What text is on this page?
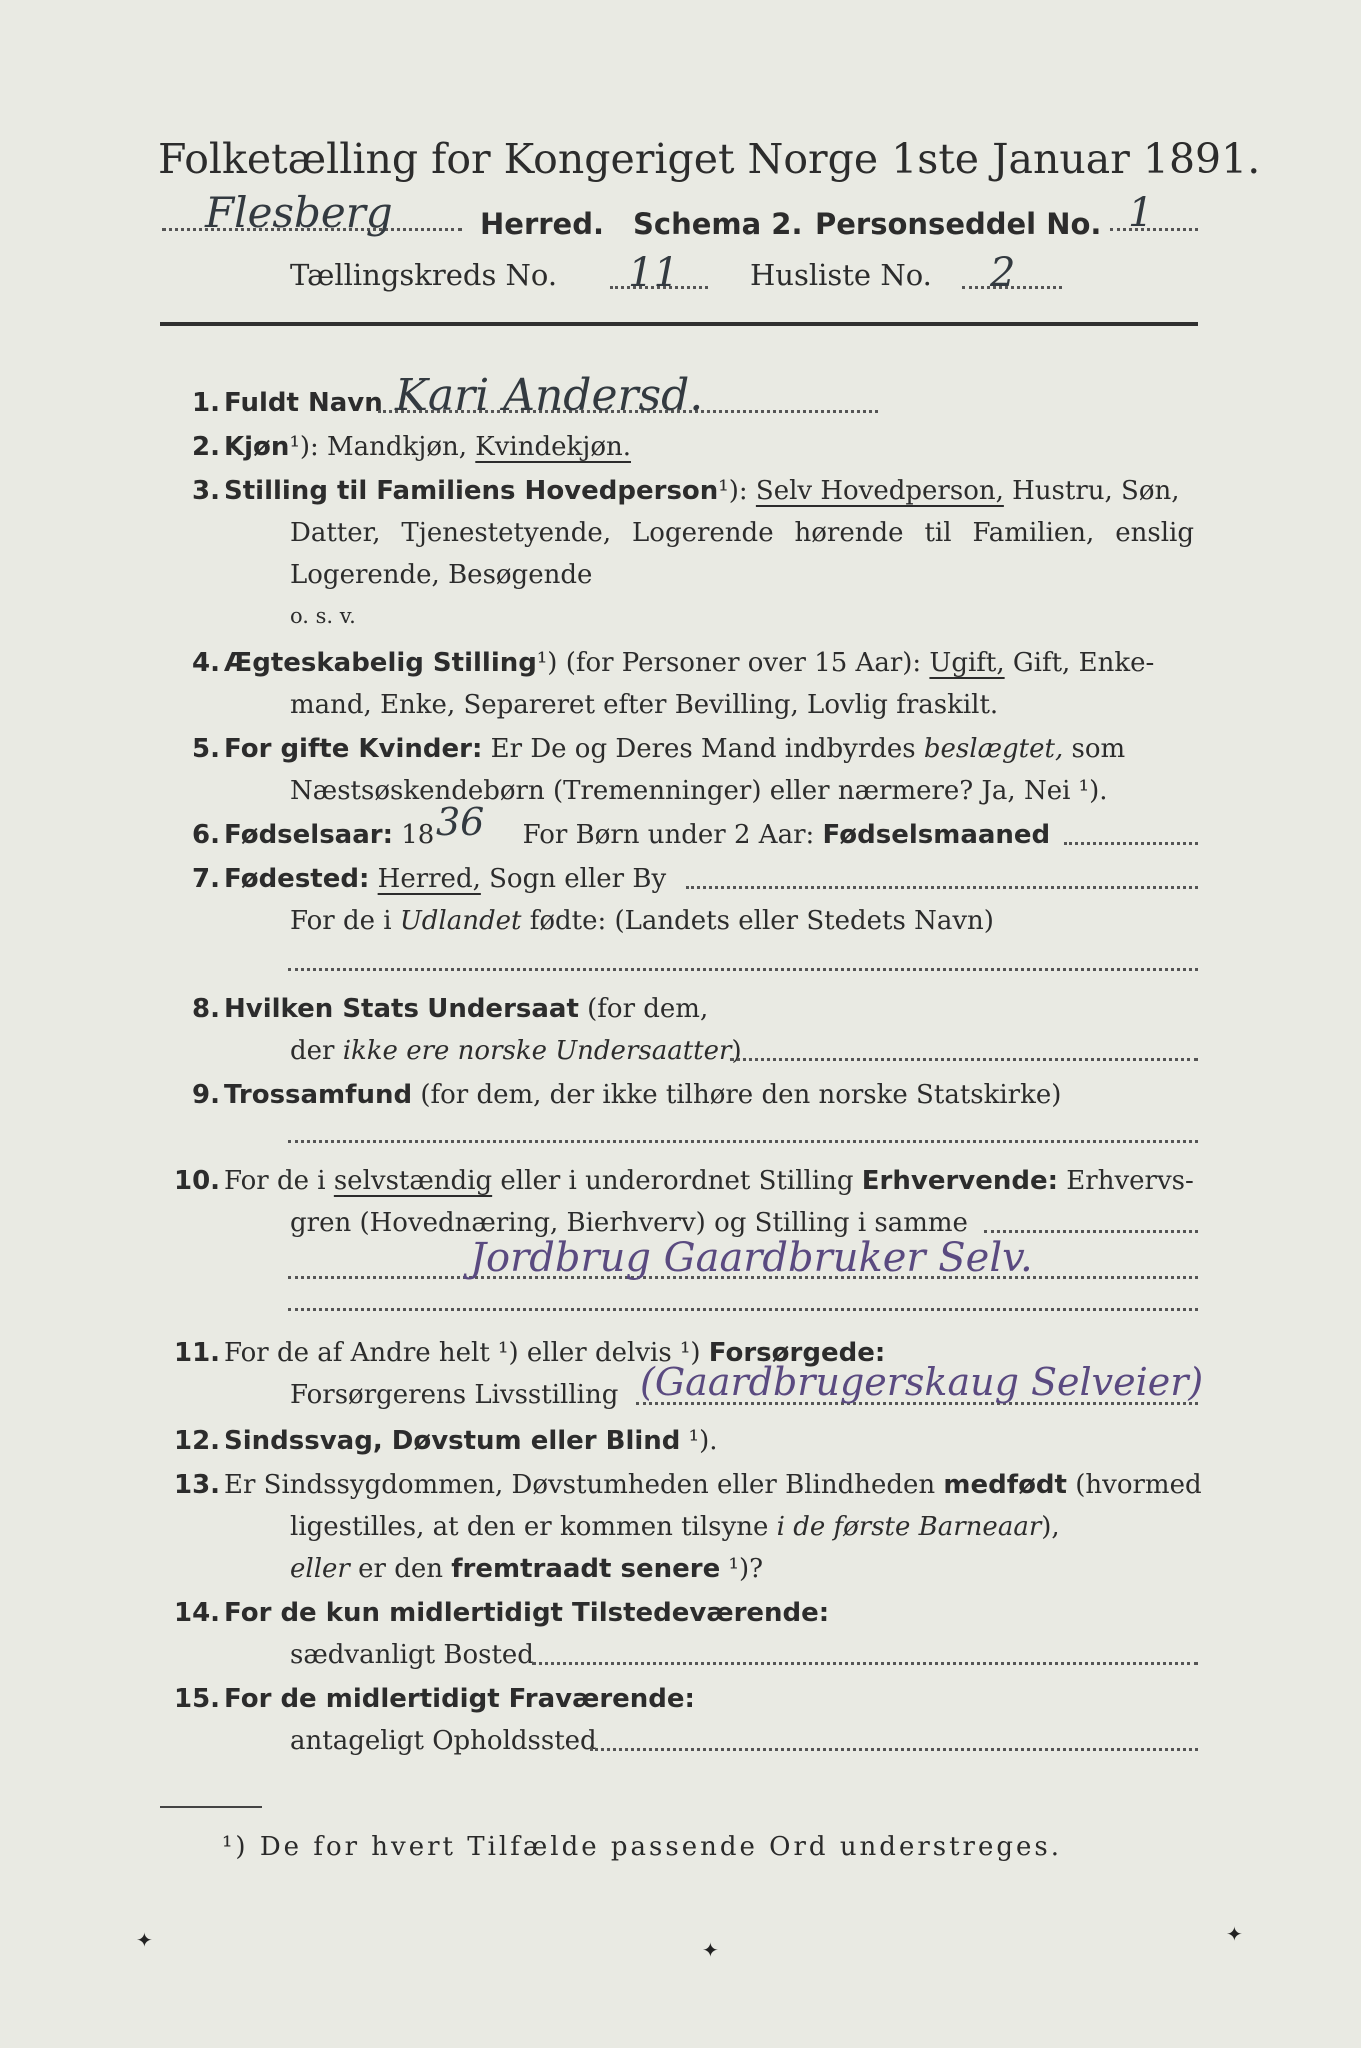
Folketælling for Kongeriget Norge 1ste Januar 1891.
Flesberg	Herred. Schema 2. Personseddel No. 1
Tællingskreds No. 11 Husliste No. 2
1. Fuldt Navn Kari Andersd.
2. Kjøn¹): Mandkjøn, Kvindekjøn.
3. Stilling til Familiens Hovedperson¹): Selv Hovedperson, Hustru, Søn,
Datter, Tjenestetyende, Logerende hørende til Familien, enslig
Logerende, Besøgende
o. s. v.
4. Ægteskabelig Stilling¹) (for Personer over 15 Aar): Ugift, Gift, Enke-
mand, Enke, Separeret efter Bevilling, Lovlig fraskilt.
5. For gifte Kvinder: Er De og Deres Mand indbyrdes beslægtet, som
Næstsøskendebørn (Tremenninger) eller nærmere? Ja, Nei ¹).
6. Fødselsaar: 18	For Børn under 2 Aar: Fødselsmaaned
36
7. Fødested: Herred, Sogn eller By
For de i Udlandet fødte: (Landets eller Stedets Navn)
8. Hvilken Stats Undersaat (for dem,
der ikke ere norske Undersaatter)
9. Trossamfund (for dem, der ikke tilhøre den norske Statskirke)
10. For de i selvstændig eller i underordnet Stilling Erhvervende: Erhvervs-
gren (Hovednæring, Bierhverv) og Stilling i samme
Jordbrug Gaardbruker Selv.
11. For de af Andre helt ¹) eller delvis ¹) Forsørgede:
Forsørgerens Livsstilling (Gaardbrugerskaug Selveier)
12. Sindssvag, Døvstum eller Blind ¹).
13. Er Sindssygdommen, Døvstumheden eller Blindheden medfødt (hvormed
ligestilles, at den er kommen tilsyne i de første Barneaar),
eller er den fremtraadt senere ¹)?
14. For de kun midlertidigt Tilstedeværende:
sædvanligt Bosted
15. For de midlertidigt Fraværende:
antageligt Opholdssted
¹) De for hvert Tilfælde passende Ord understreges.
✦	✦
✦
